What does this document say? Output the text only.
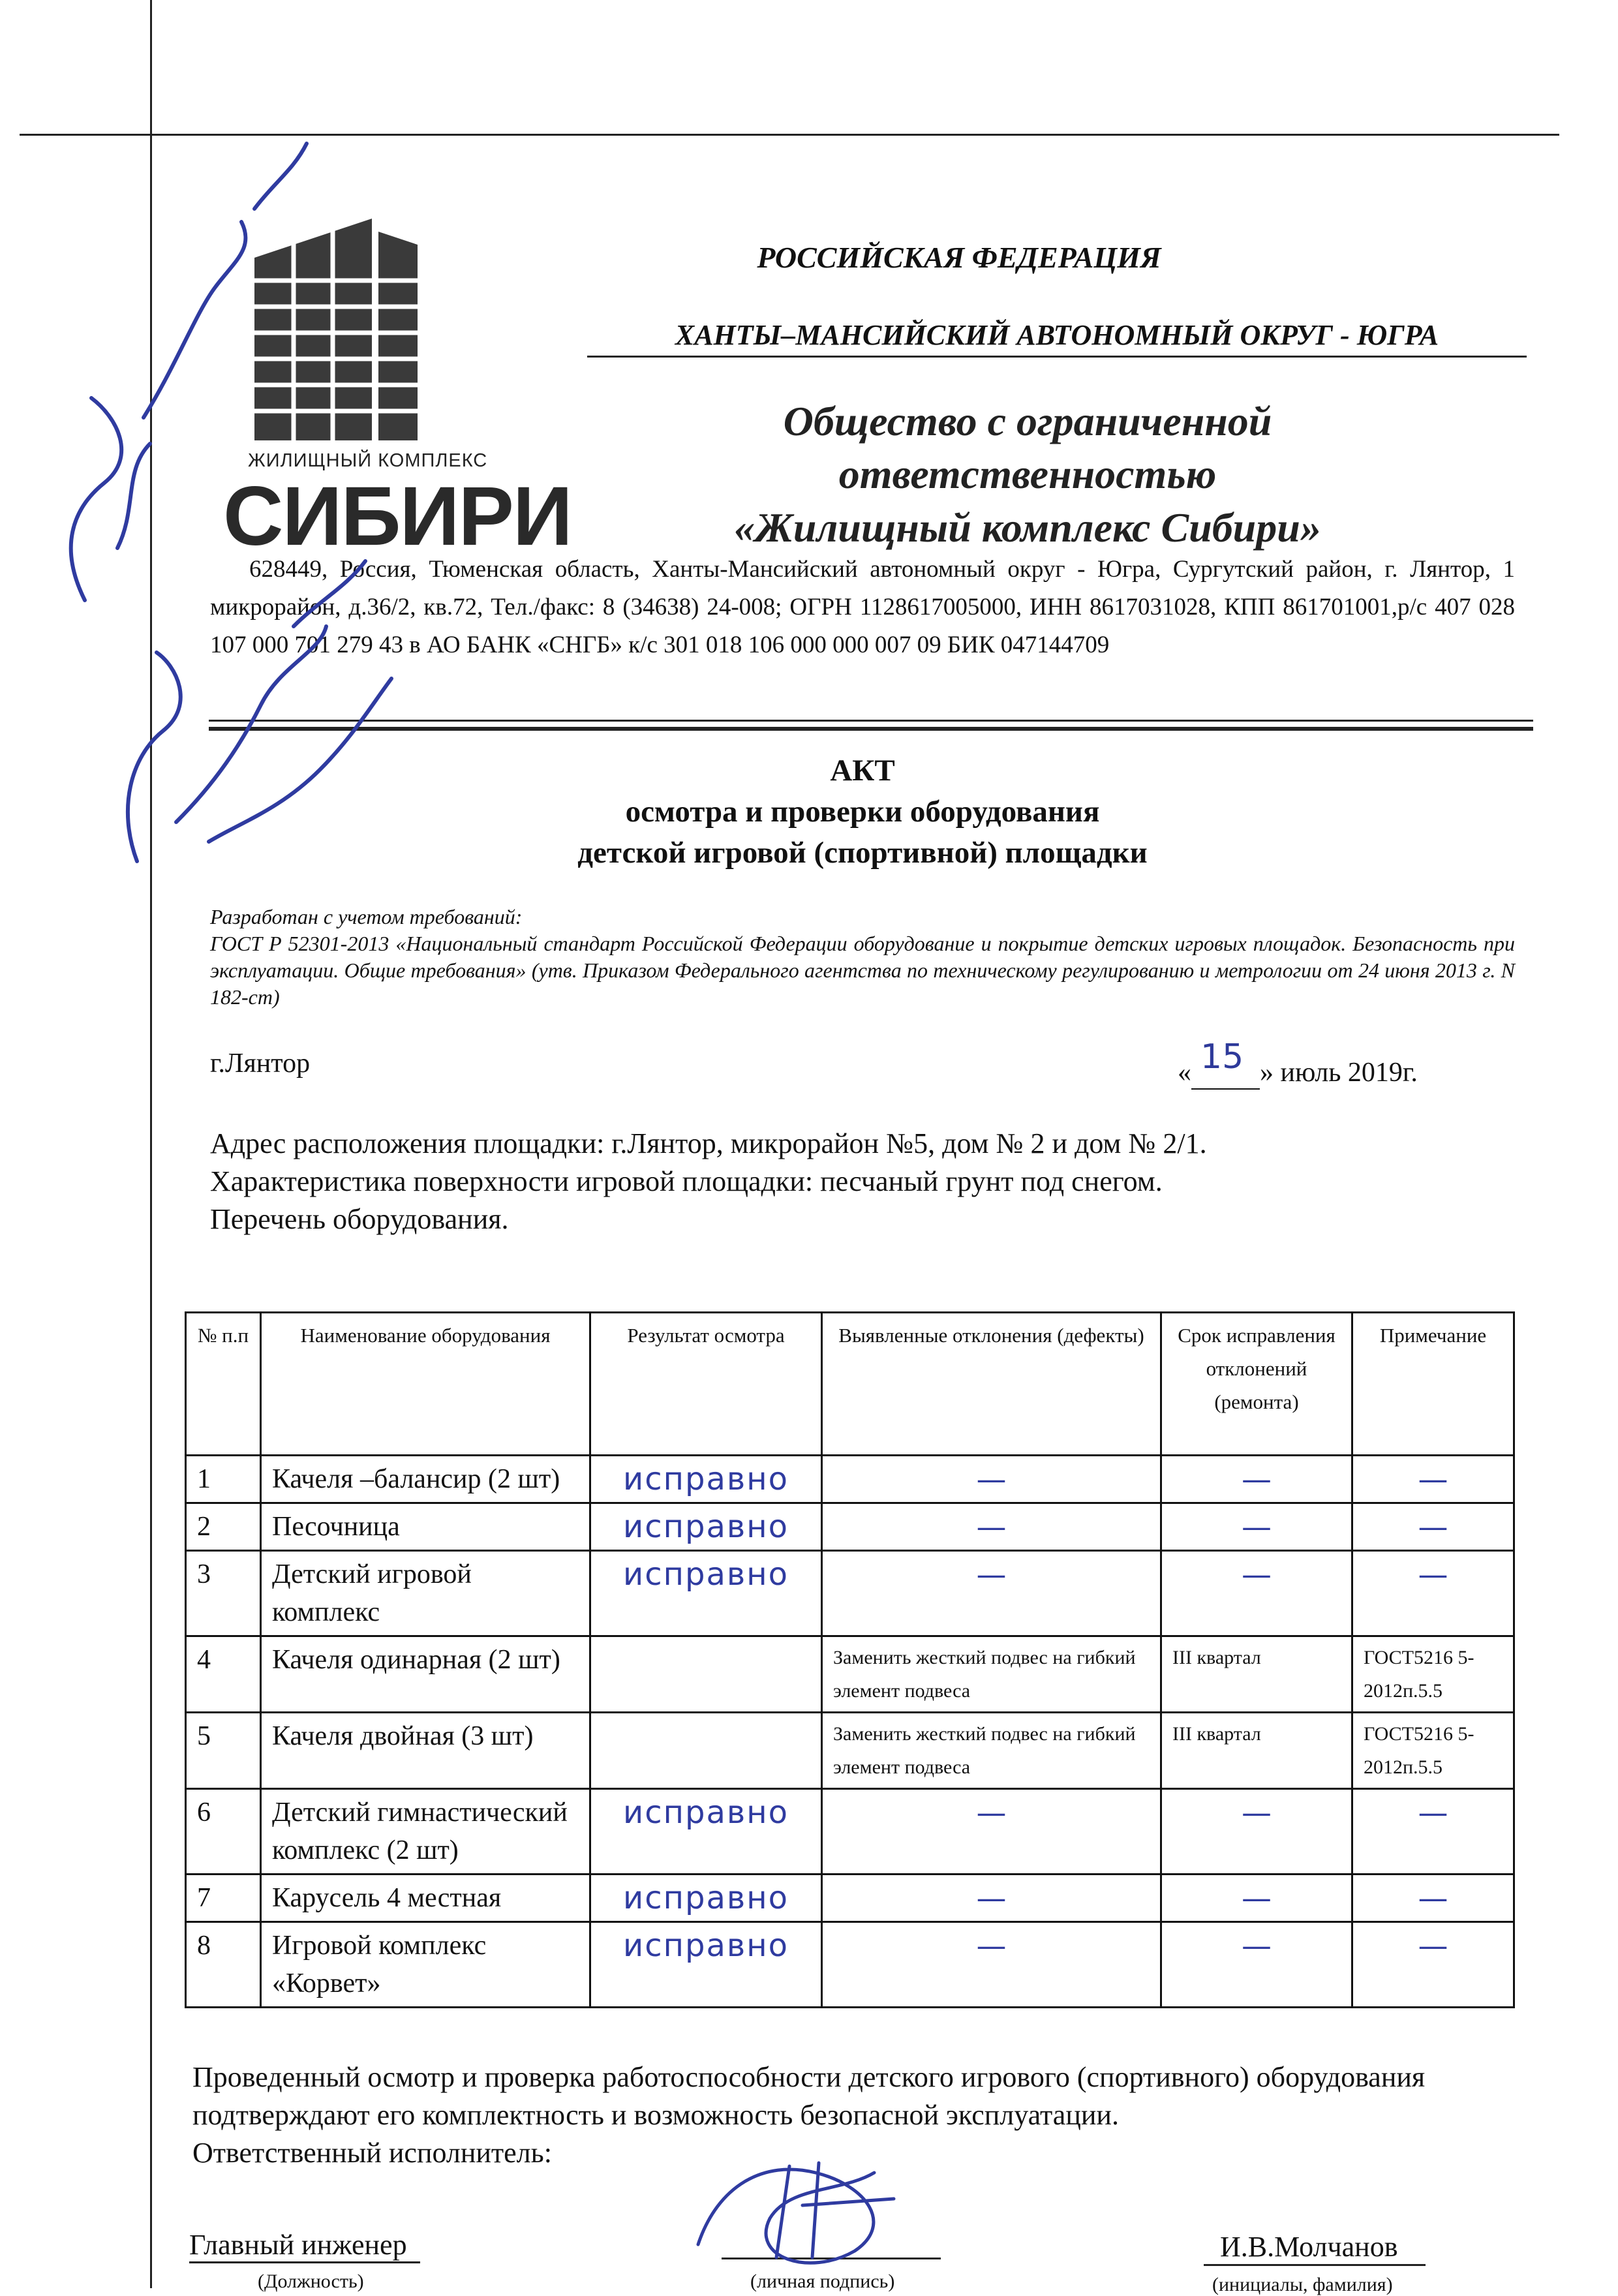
ЖИЛИЩНЫЙ КОМПЛЕКС
СИБИРИ
РОССИЙСКАЯ ФЕДЕРАЦИЯ
ХАНТЫ–МАНСИЙСКИЙ АВТОНОМНЫЙ ОКРУГ - ЮГРА
Общество с ограниченной
ответственностью
«Жилищный комплекс Сибири»
628449, Россия, Тюменская область, Ханты-Мансийский автономный округ - Югра, Сургутский район, г. Лянтор, 1 микрорайон, д.36/2, кв.72, Тел./факс: 8 (34638) 24-008; ОГРН 1128617005000, ИНН 8617031028, КПП 861701001,р/с 407 028 107 000 701 279 43 в АО БАНК «СНГБ» к/с 301 018 106 000 000 007 09 БИК 047144709
АКТ
осмотра и проверки оборудования
детской игровой (спортивной) площадки
Разработан с учетом требований:
ГОСТ Р 52301-2013 «Национальный стандарт Российской Федерации оборудование и покрытие детских игровых площадок. Безопасность при эксплуатации. Общие требования» (утв. Приказом Федерального агентства по техническому регулированию и метрологии от 24 июня 2013 г. N 182-ст)
г.Лянтор	« 15 » июль 2019г.
Адрес расположения площадки: г.Лянтор, микрорайон №5, дом № 2 и дом № 2/1.
Характеристика поверхности игровой площадки: песчаный грунт под снегом.
Перечень оборудования.
№ п.п	Наименование оборудования	Результат осмотра	Выявленные отклонения (дефекты)	Срок исправления отклонений (ремонта)	Примечание
1	Качеля –балансир (2 шт)	исправно	—	—	—
2	Песочница	исправно	—	—	—
3	Детский игровой комплекс	исправно	—	—	—
4	Качеля одинарная (2 шт)		Заменить жесткий подвес на гибкий элемент подвеса	III квартал	ГОСТ5216 5-2012п.5.5
5	Качеля двойная (3 шт)		Заменить жесткий подвес на гибкий элемент подвеса	III квартал	ГОСТ5216 5-2012п.5.5
6	Детский гимнастический комплекс (2 шт)	исправно	—	—	—
7	Карусель 4 местная	исправно	—	—	—
8	Игровой комплекс «Корвет»	исправно	—	—	—
Проведенный осмотр и проверка работоспособности детского игрового (спортивного) оборудования подтверждают его комплектность и возможность безопасной эксплуатации.
Ответственный исполнитель:
Главный инженер
(Должность)	(личная подпись)
И.В.Молчанов
(инициалы, фамилия)
